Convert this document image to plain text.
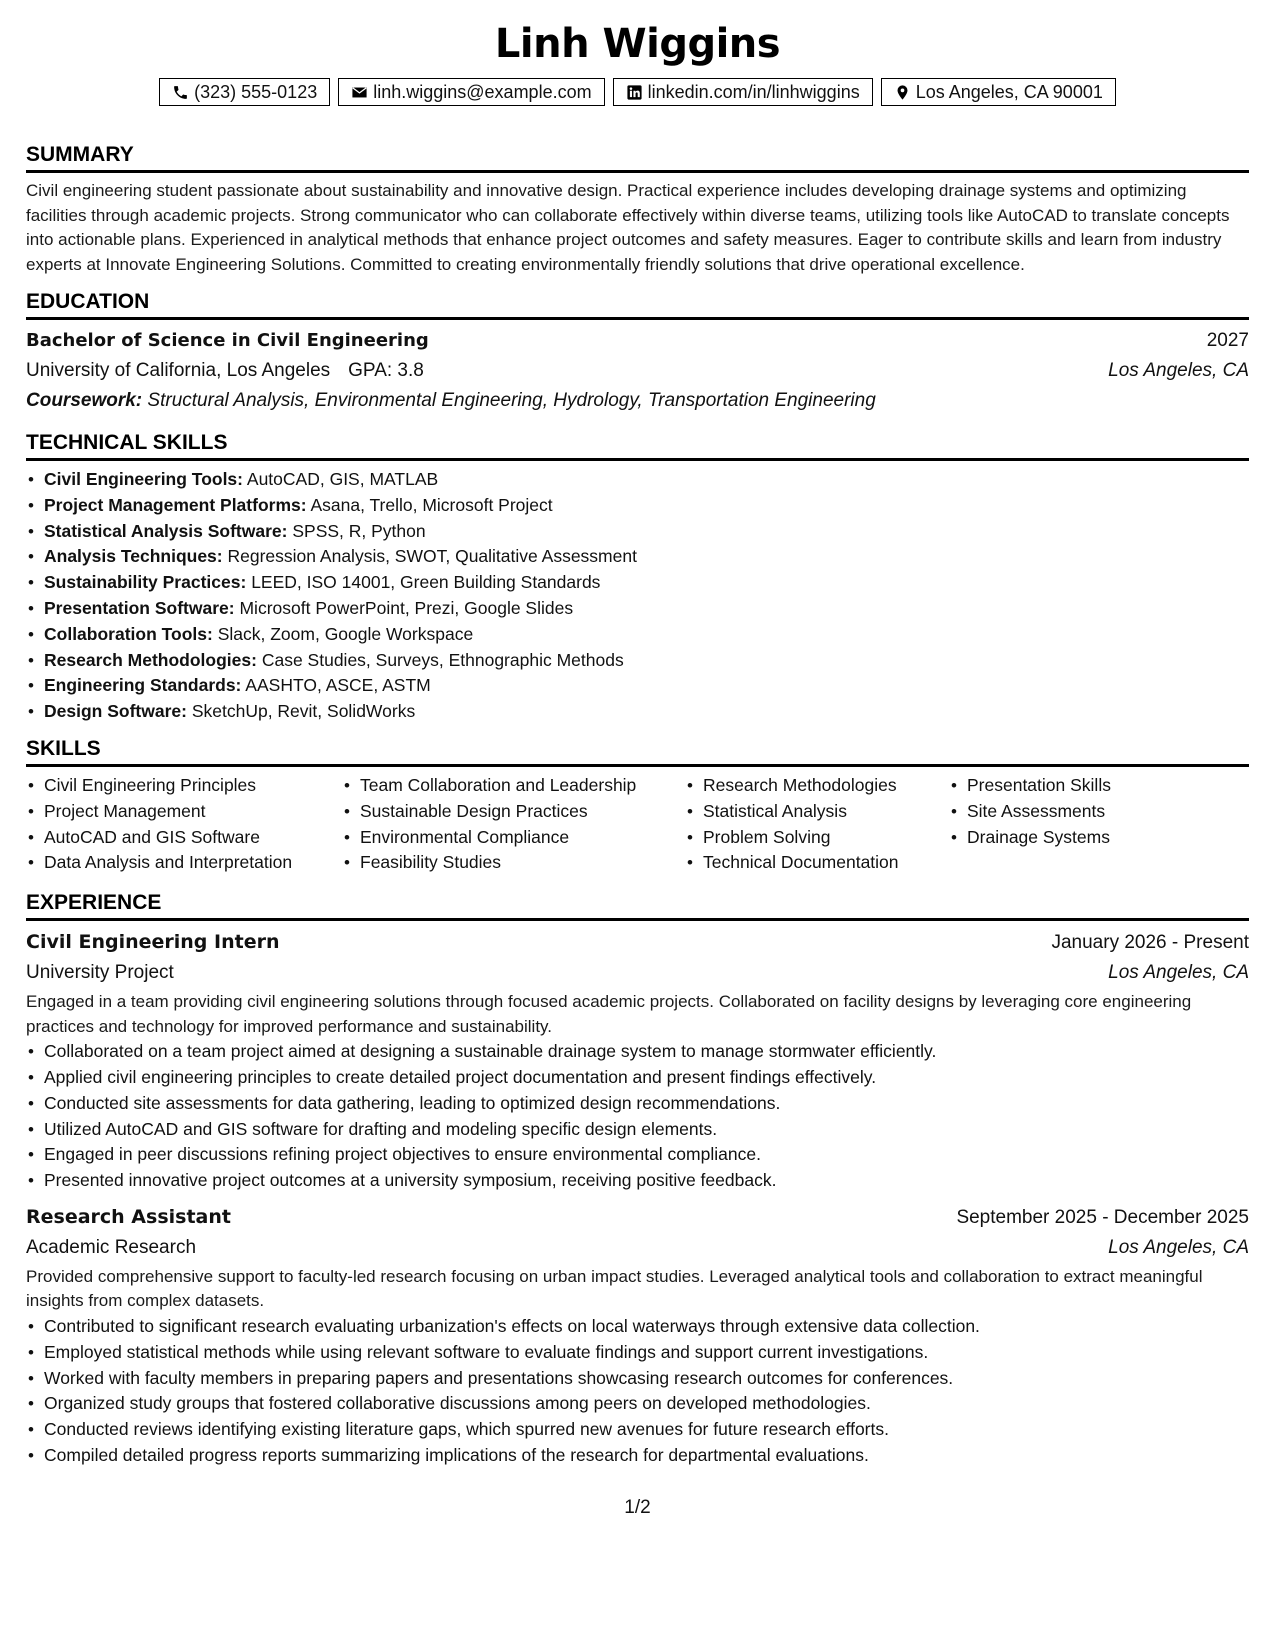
Linh Wiggins
(323) 555-0123	linh.wiggins@example.com	linkedin.com/in/linhwiggins	Los Angeles, CA 90001
SUMMARY

Civil engineering student passionate about sustainability and innovative design. Practical experience includes developing drainage systems and optimizing facilities through academic projects. Strong communicator who can collaborate effectively within diverse teams, utilizing tools like AutoCAD to translate concepts into actionable plans. Experienced in analytical methods that enhance project outcomes and safety measures. Eager to contribute skills and learn from industry experts at Innovate Engineering Solutions. Committed to creating environmentally friendly solutions that drive operational excellence.

EDUCATION
Bachelor of Science in Civil Engineering	2027
University of California, Los Angeles GPA: 3.8	Los Angeles, CA
Coursework: Structural Analysis, Environmental Engineering, Hydrology, Transportation Engineering
TECHNICAL SKILLS
• Civil Engineering Tools: AutoCAD, GIS, MATLAB
• Project Management Platforms: Asana, Trello, Microsoft Project
• Statistical Analysis Software: SPSS, R, Python
• Analysis Techniques: Regression Analysis, SWOT, Qualitative Assessment
• Sustainability Practices: LEED, ISO 14001, Green Building Standards
• Presentation Software: Microsoft PowerPoint, Prezi, Google Slides
• Collaboration Tools: Slack, Zoom, Google Workspace
• Research Methodologies: Case Studies, Surveys, Ethnographic Methods
• Engineering Standards: AASHTO, ASCE, ASTM
• Design Software: SketchUp, Revit, SolidWorks
SKILLS
• Civil Engineering Principles
• Project Management
• AutoCAD and GIS Software
• Data Analysis and Interpretation
• Team Collaboration and Leadership
• Sustainable Design Practices
• Environmental Compliance
• Feasibility Studies
• Research Methodologies
• Statistical Analysis
• Problem Solving
• Technical Documentation
• Presentation Skills
• Site Assessments
• Drainage Systems
EXPERIENCE
Civil Engineering Intern	January 2026 - Present
University Project	Los Angeles, CA

Engaged in a team providing civil engineering solutions through focused academic projects. Collaborated on facility designs by leveraging core engineering practices and technology for improved performance and sustainability.

• Collaborated on a team project aimed at designing a sustainable drainage system to manage stormwater efficiently.
• Applied civil engineering principles to create detailed project documentation and present findings effectively.
• Conducted site assessments for data gathering, leading to optimized design recommendations.
• Utilized AutoCAD and GIS software for drafting and modeling specific design elements.
• Engaged in peer discussions refining project objectives to ensure environmental compliance.
• Presented innovative project outcomes at a university symposium, receiving positive feedback.
Research Assistant	September 2025 - December 2025
Academic Research	Los Angeles, CA

Provided comprehensive support to faculty-led research focusing on urban impact studies. Leveraged analytical tools and collaboration to extract meaningful insights from complex datasets.

• Contributed to significant research evaluating urbanization's effects on local waterways through extensive data collection.
• Employed statistical methods while using relevant software to evaluate findings and support current investigations.
• Worked with faculty members in preparing papers and presentations showcasing research outcomes for conferences.
• Organized study groups that fostered collaborative discussions among peers on developed methodologies.
• Conducted reviews identifying existing literature gaps, which spurred new avenues for future research efforts.
• Compiled detailed progress reports summarizing implications of the research for departmental evaluations.
1/2
